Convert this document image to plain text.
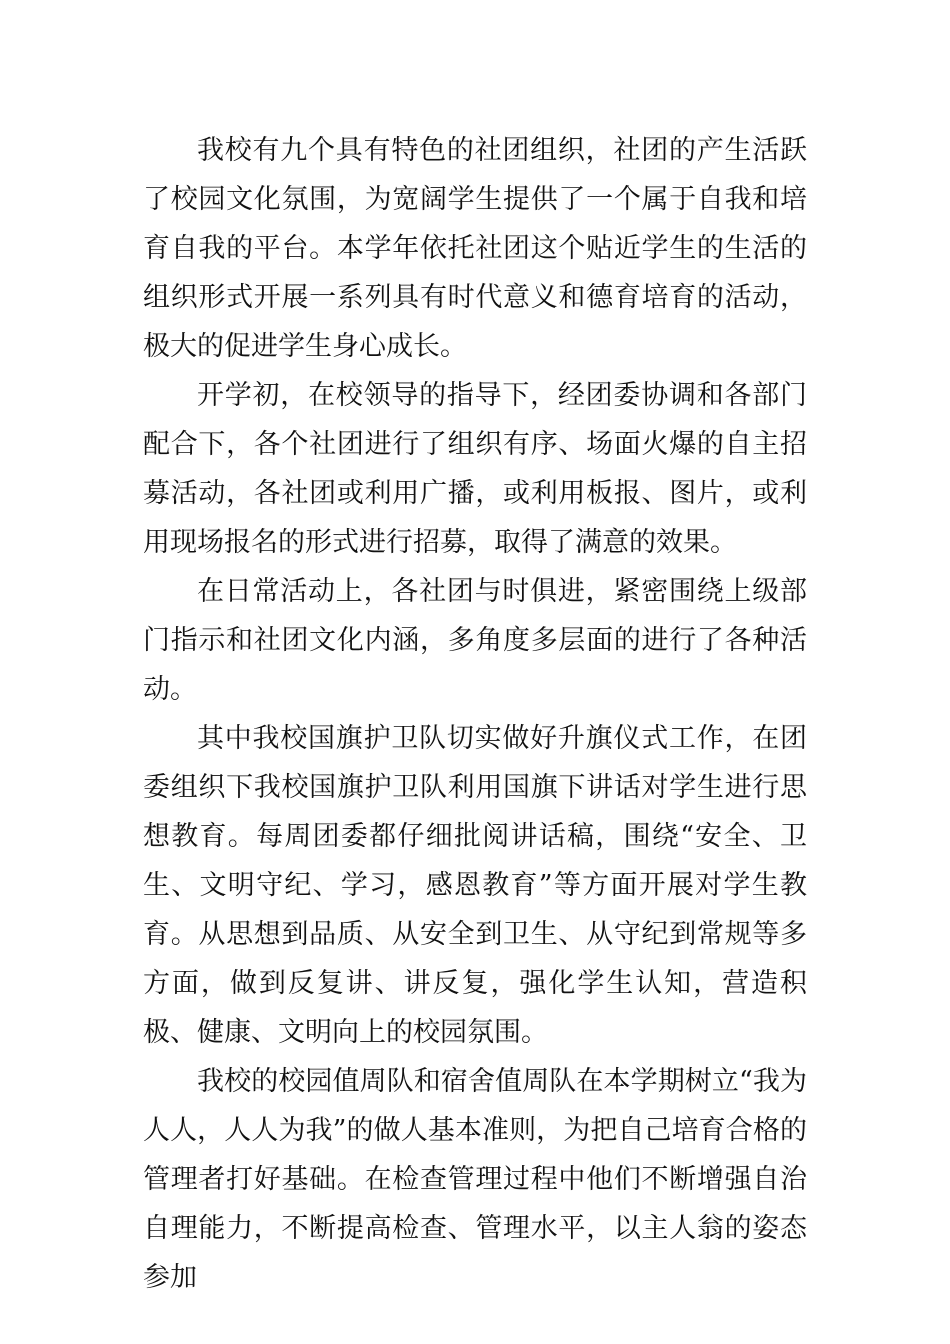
我校有九个具有特色的社团组织，社团的产生活跃了校园文化氛围，为宽阔学生提供了一个属于自我和培育自我的平台。本学年依托社团这个贴近学生的生活的组织形式开展一系列具有时代意义和德育培育的活动，极大的促进学生身心成长。

开学初，在校领导的指导下，经团委协调和各部门配合下，各个社团进行了组织有序、场面火爆的自主招募活动，各社团或利用广播，或利用板报、图片，或利用现场报名的形式进行招募，取得了满意的效果。

在日常活动上，各社团与时俱进，紧密围绕上级部门指示和社团文化内涵，多角度多层面的进行了各种活动。

其中我校国旗护卫队切实做好升旗仪式工作，在团委组织下我校国旗护卫队利用国旗下讲话对学生进行思想教育。每周团委都仔细批阅讲话稿，围绕“安全、卫生、文明守纪、学习，感恩教育”等方面开展对学生教育。从思想到品质、从安全到卫生、从守纪到常规等多方面，做到反复讲、讲反复，强化学生认知，营造积极、健康、文明向上的校园氛围。

我校的校园值周队和宿舍值周队在本学期树立“我为人人，人人为我”的做人基本准则，为把自己培育合格的管理者打好基础。在检查管理过程中他们不断增强自治自理能力，不断提高检查、管理水平，以主人翁的姿态参加
